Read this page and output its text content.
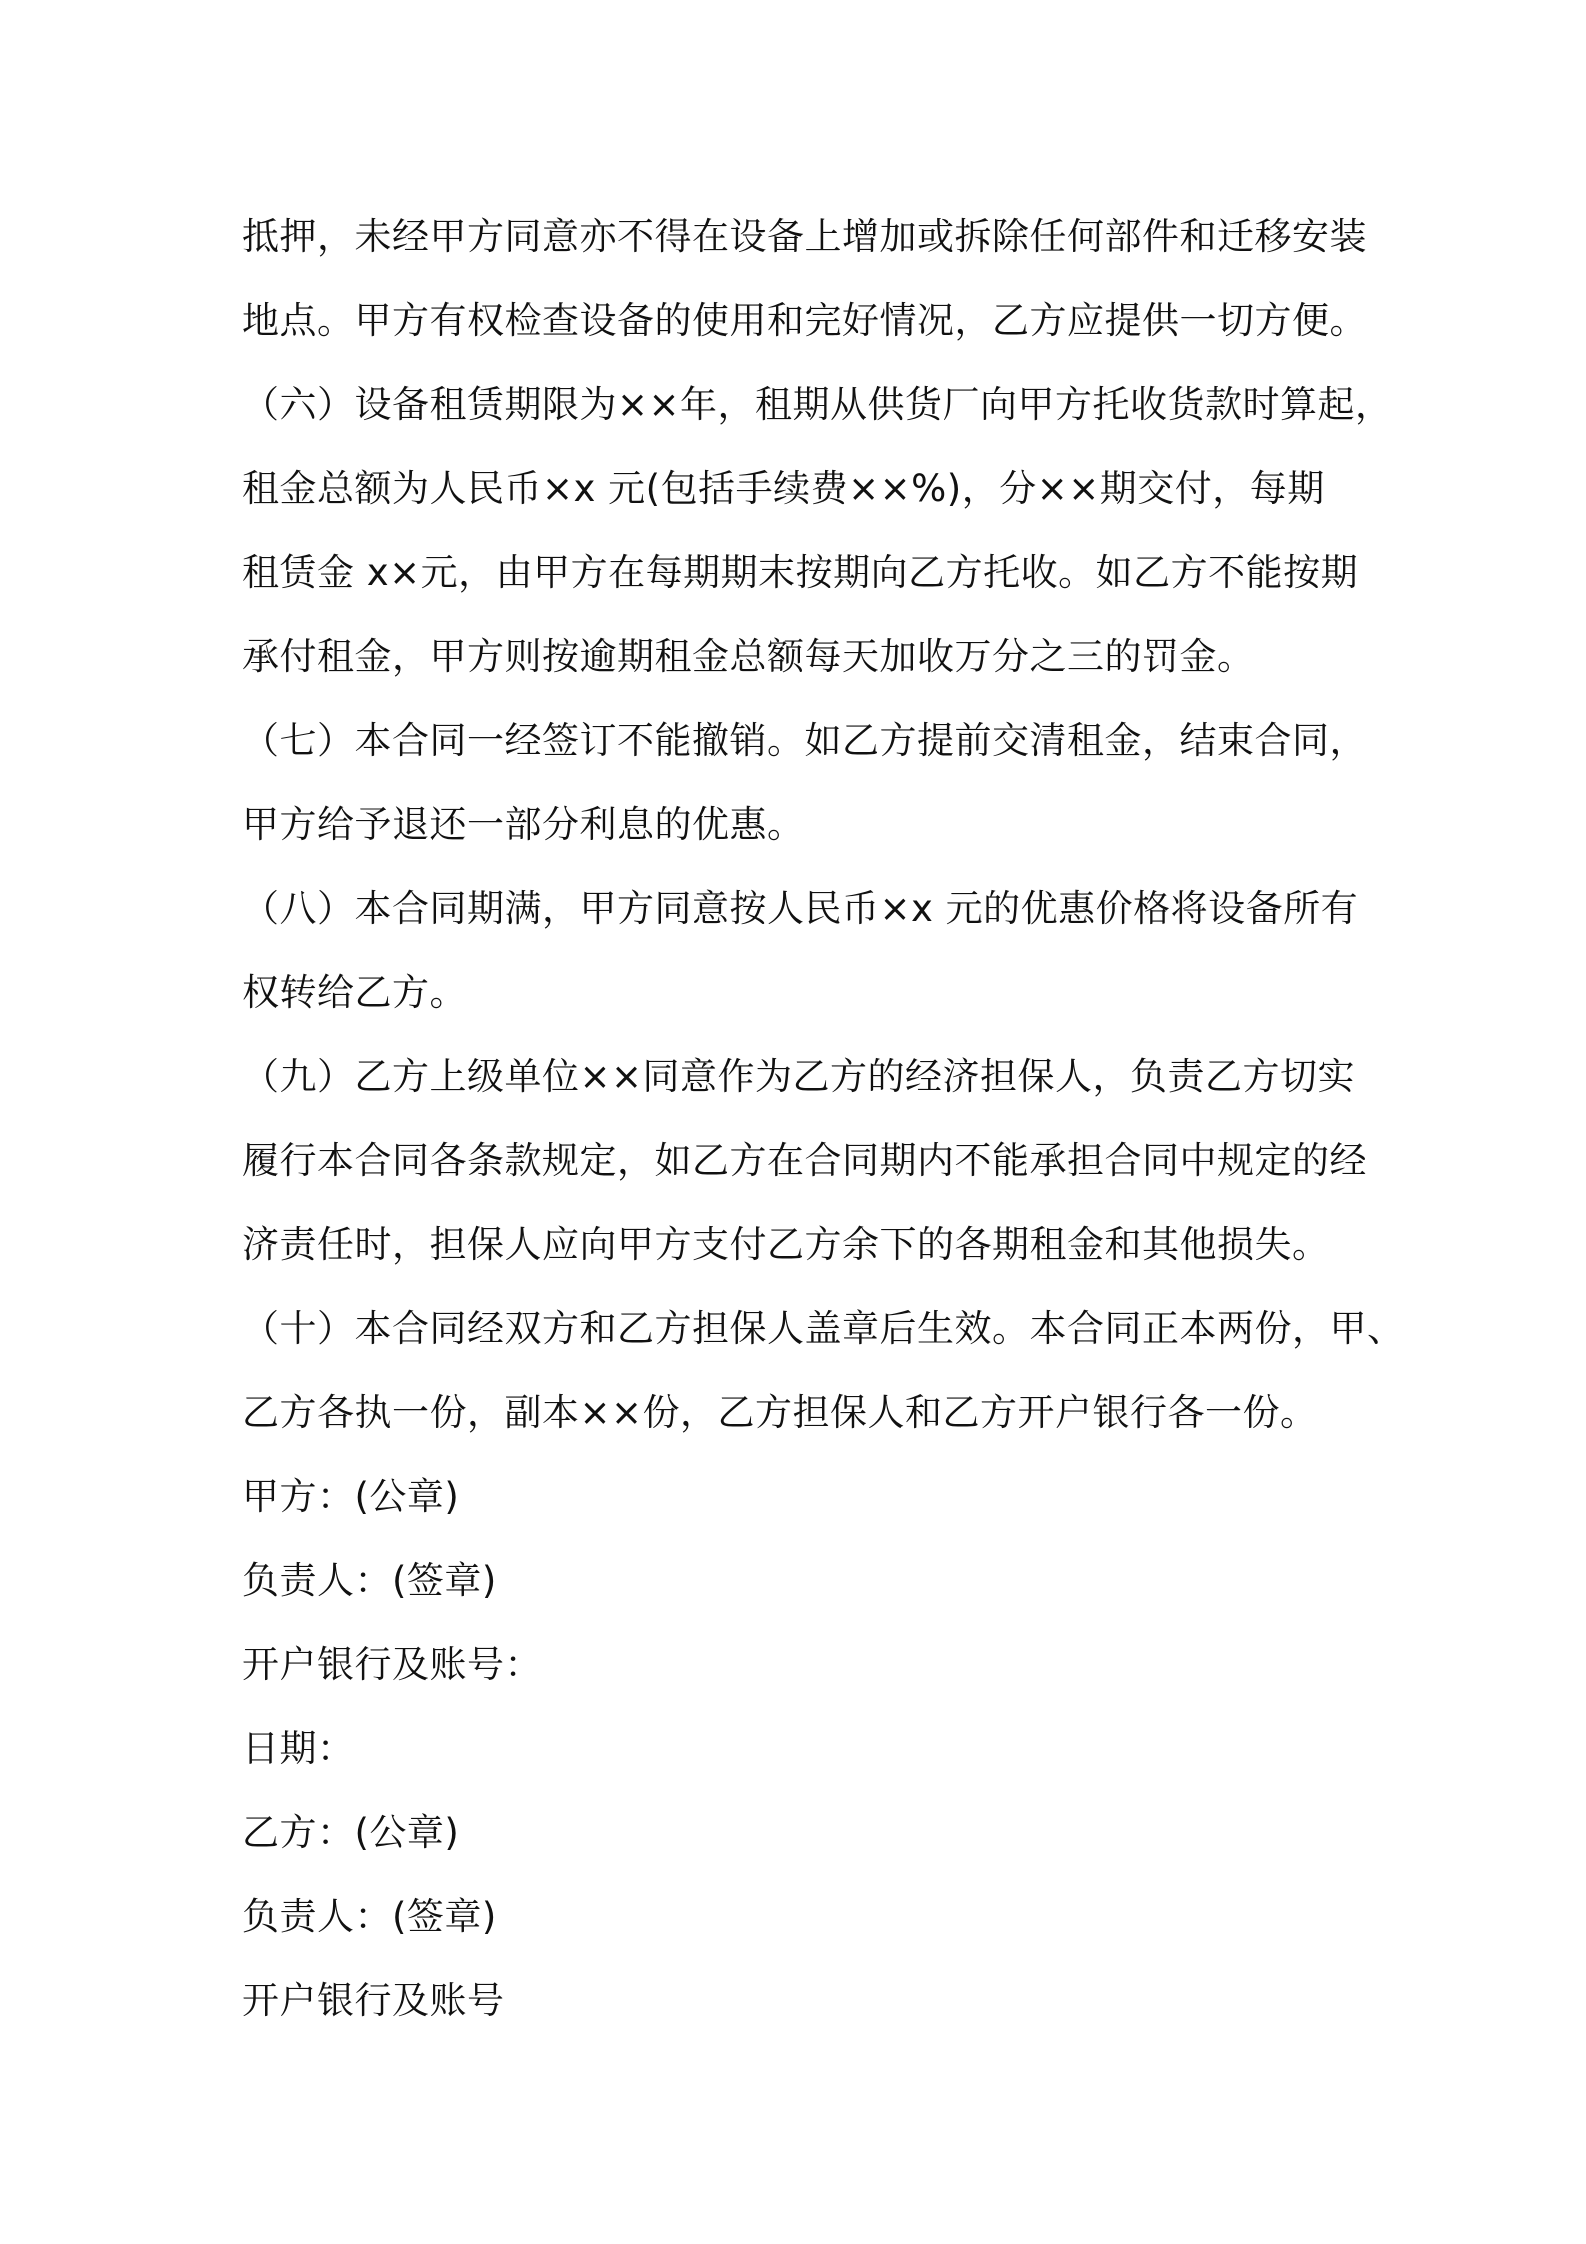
抵押，未经甲方同意亦不得在设备上增加或拆除任何部件和迁移安装
地点。甲方有权检查设备的使用和完好情况，乙方应提供一切方便。
（六）设备租赁期限为××年，租期从供货厂向甲方托收货款时算起，
租金总额为人民币×x 元(包括手续费××%)，分××期交付，每期
租赁金 x×元，由甲方在每期期末按期向乙方托收。如乙方不能按期
承付租金，甲方则按逾期租金总额每天加收万分之三的罚金。
（七）本合同一经签订不能撤销。如乙方提前交清租金，结束合同，
甲方给予退还一部分利息的优惠。
（八）本合同期满，甲方同意按人民币×x 元的优惠价格将设备所有
权转给乙方。
（九）乙方上级单位××同意作为乙方的经济担保人，负责乙方切实
履行本合同各条款规定，如乙方在合同期内不能承担合同中规定的经
济责任时，担保人应向甲方支付乙方余下的各期租金和其他损失。
（十）本合同经双方和乙方担保人盖章后生效。本合同正本两份，甲、
乙方各执一份，副本××份，乙方担保人和乙方开户银行各一份。
甲方：(公章)
负责人：(签章)
开户银行及账号：
日期：
乙方：(公章)
负责人：(签章)
开户银行及账号
